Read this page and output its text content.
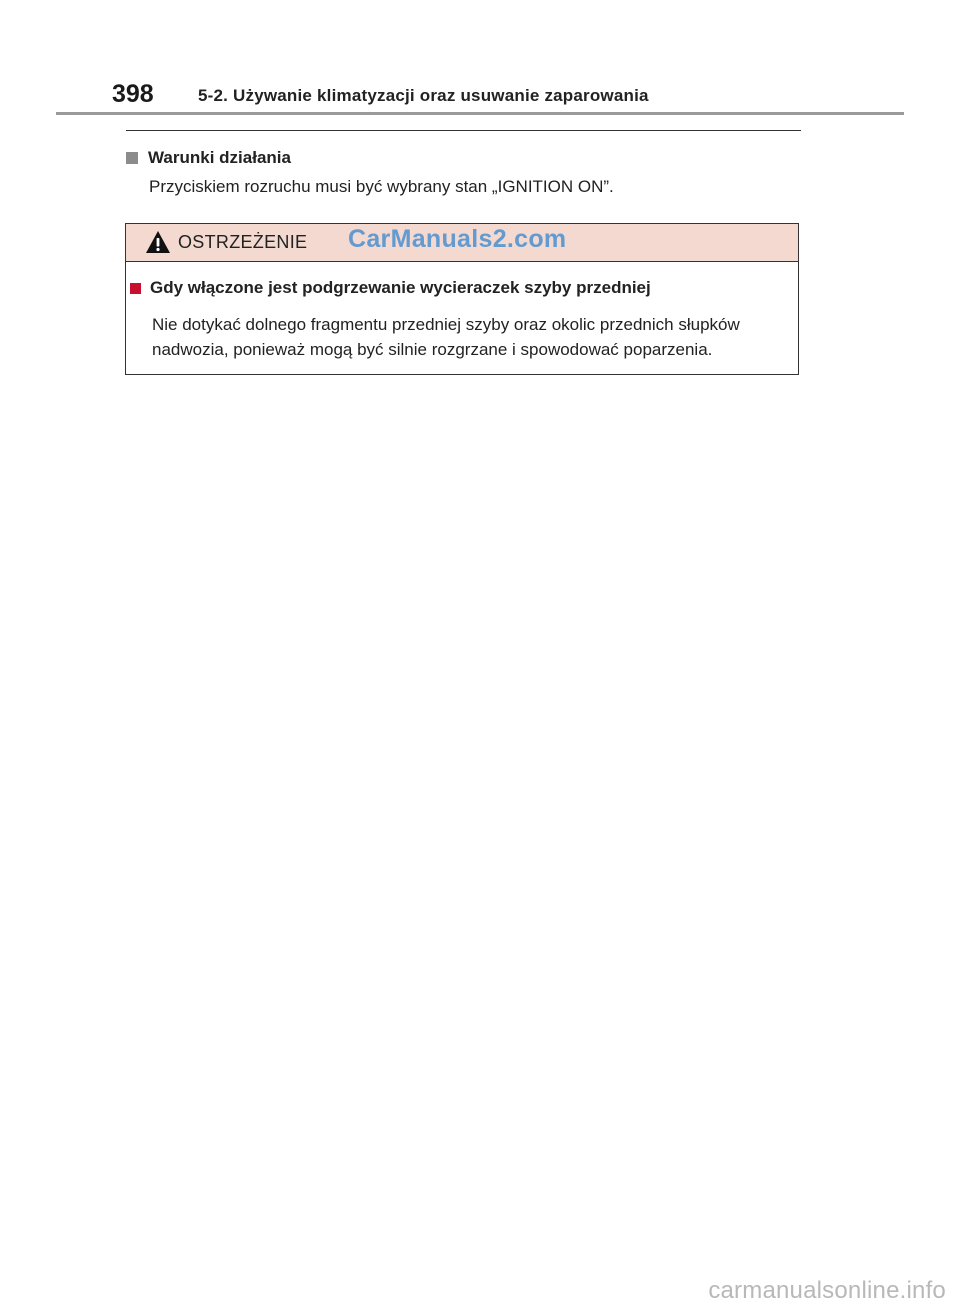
398	5-2. Używanie klimatyzacji oraz usuwanie zaparowania
Warunki działania
Przyciskiem rozruchu musi być wybrany stan „IGNITION ON”.
OSTRZEŻENIE CarManuals2.com
Gdy włączone jest podgrzewanie wycieraczek szyby przedniej
Nie dotykać dolnego fragmentu przedniej szyby oraz okolic przednich słupków nadwozia, ponieważ mogą być silnie rozgrzane i spowodować poparzenia.
carmanualsonline.info
